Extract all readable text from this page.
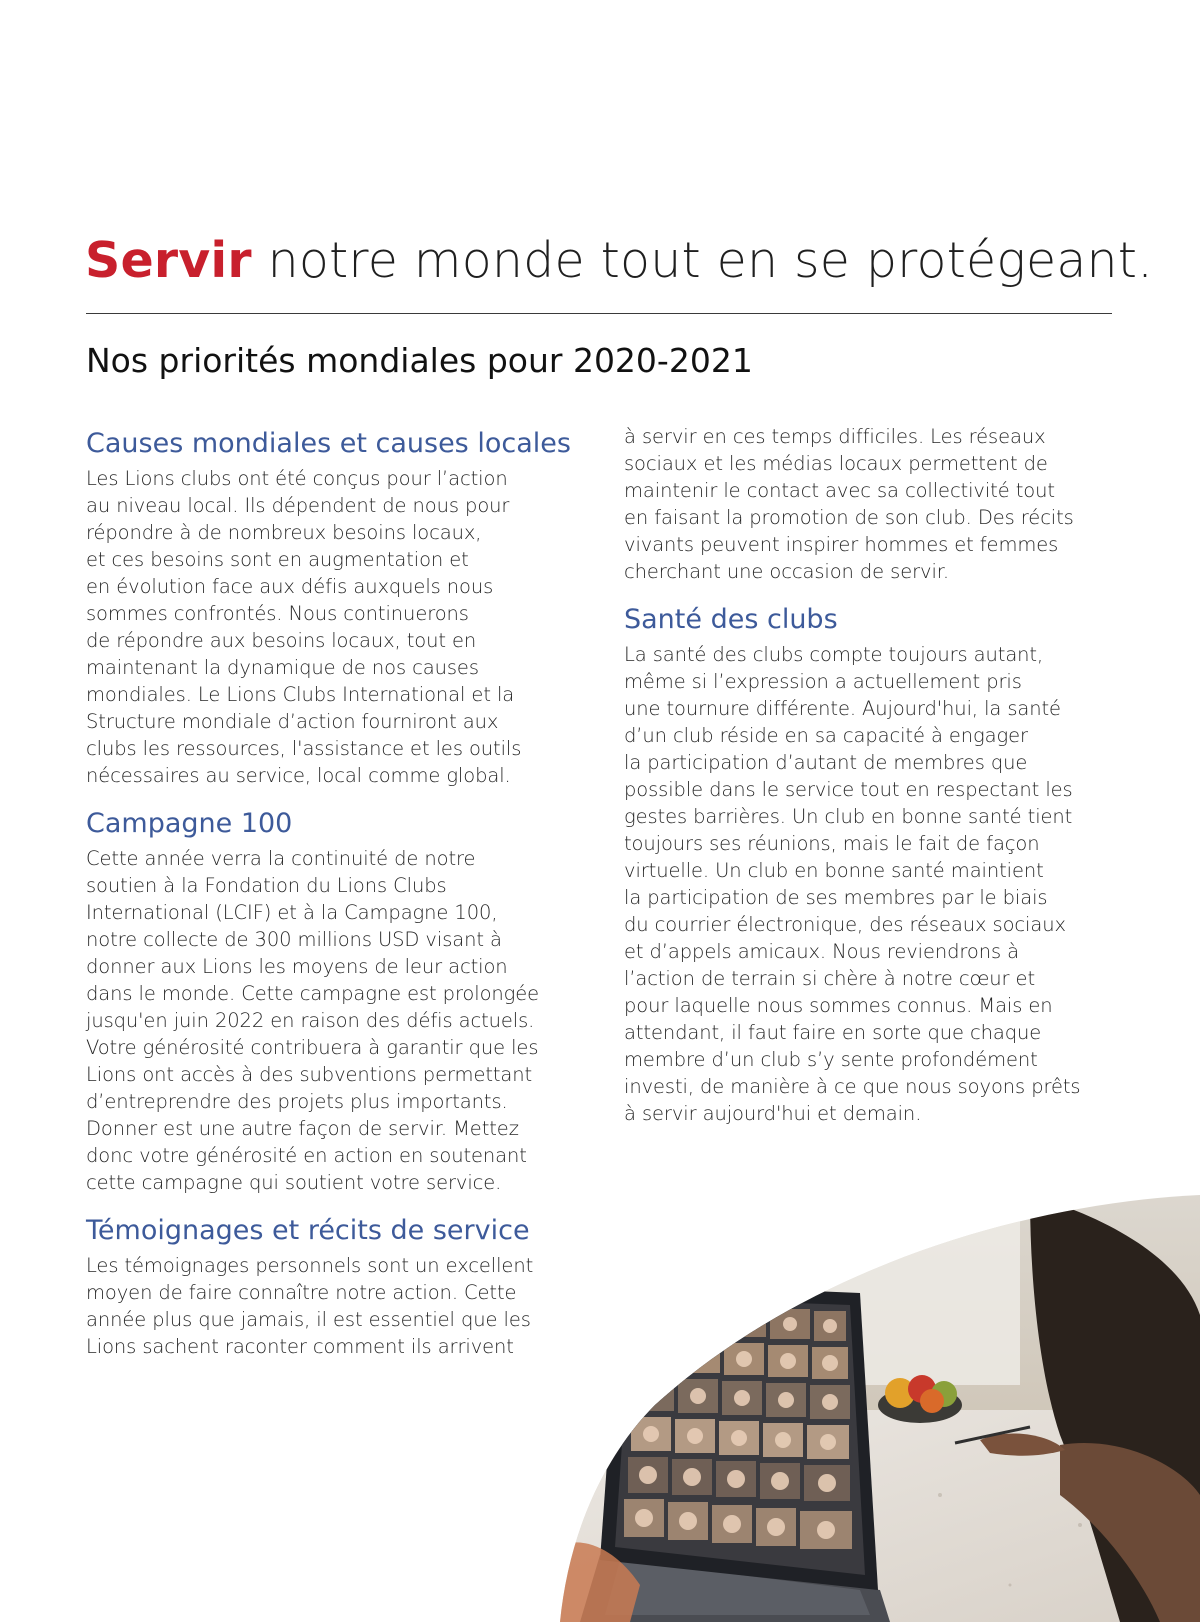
Servir notre monde tout en se protégeant.
Nos priorités mondiales pour 2020-2021
Causes mondiales et causes locales

Les Lions clubs ont été conçus pour l’action
au niveau local. Ils dépendent de nous pour
répondre à de nombreux besoins locaux,
et ces besoins sont en augmentation et
en évolution face aux défis auxquels nous
sommes confrontés. Nous continuerons
de répondre aux besoins locaux, tout en
maintenant la dynamique de nos causes
mondiales. Le Lions Clubs International et la
Structure mondiale d’action fourniront aux
clubs les ressources, l'assistance et les outils
nécessaires au service, local comme global.

Campagne 100

Cette année verra la continuité de notre
soutien à la Fondation du Lions Clubs
International (LCIF) et à la Campagne 100,
notre collecte de 300 millions USD visant à
donner aux Lions les moyens de leur action
dans le monde. Cette campagne est prolongée
jusqu'en juin 2022 en raison des défis actuels.
Votre générosité contribuera à garantir que les
Lions ont accès à des subventions permettant
d’entreprendre des projets plus importants.
Donner est une autre façon de servir. Mettez
donc votre générosité en action en soutenant
cette campagne qui soutient votre service.

Témoignages et récits de service

Les témoignages personnels sont un excellent
moyen de faire connaître notre action. Cette
année plus que jamais, il est essentiel que les
Lions sachent raconter comment ils arrivent

à servir en ces temps difficiles. Les réseaux
sociaux et les médias locaux permettent de
maintenir le contact avec sa collectivité tout
en faisant la promotion de son club. Des récits
vivants peuvent inspirer hommes et femmes
cherchant une occasion de servir.

Santé des clubs

La santé des clubs compte toujours autant,
même si l’expression a actuellement pris
une tournure différente. Aujourd'hui, la santé
d’un club réside en sa capacité à engager
la participation d’autant de membres que
possible dans le service tout en respectant les
gestes barrières. Un club en bonne santé tient
toujours ses réunions, mais le fait de façon
virtuelle. Un club en bonne santé maintient
la participation de ses membres par le biais
du courrier électronique, des réseaux sociaux
et d’appels amicaux. Nous reviendrons à
l’action de terrain si chère à notre cœur et
pour laquelle nous sommes connus. Mais en
attendant, il faut faire en sorte que chaque
membre d’un club s’y sente profondément
investi, de manière à ce que nous soyons prêts
à servir aujourd'hui et demain.
